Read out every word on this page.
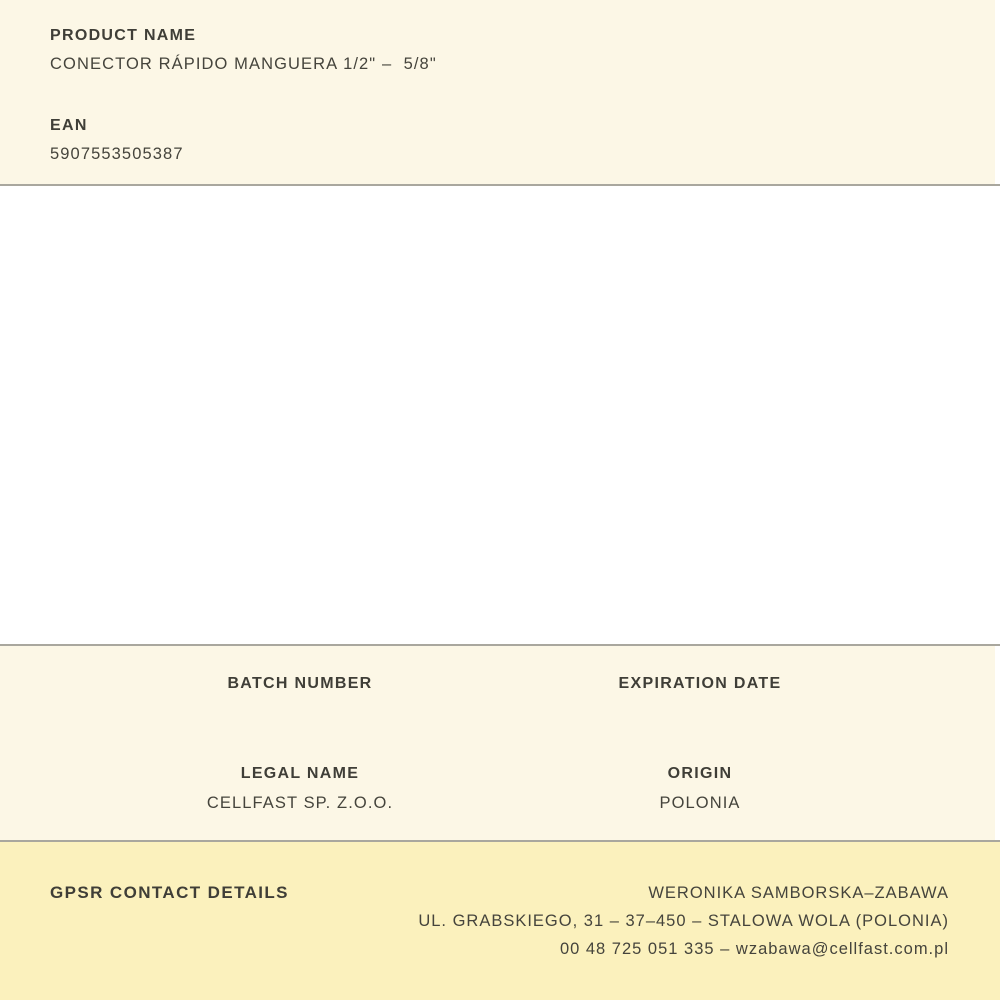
PRODUCT NAME
CONECTOR RÁPIDO MANGUERA 1/2" –  5/8"
EAN
5907553505387
BATCH NUMBER
LEGAL NAME
CELLFAST SP. Z.O.O.
EXPIRATION DATE
ORIGIN
POLONIA
GPSR CONTACT DETAILS	WERONIKA SAMBORSKA–ZABAWA
UL. GRABSKIEGO, 31 – 37–450 – STALOWA WOLA (POLONIA)
00 48 725 051 335 – wzabawa@cellfast.com.pl
